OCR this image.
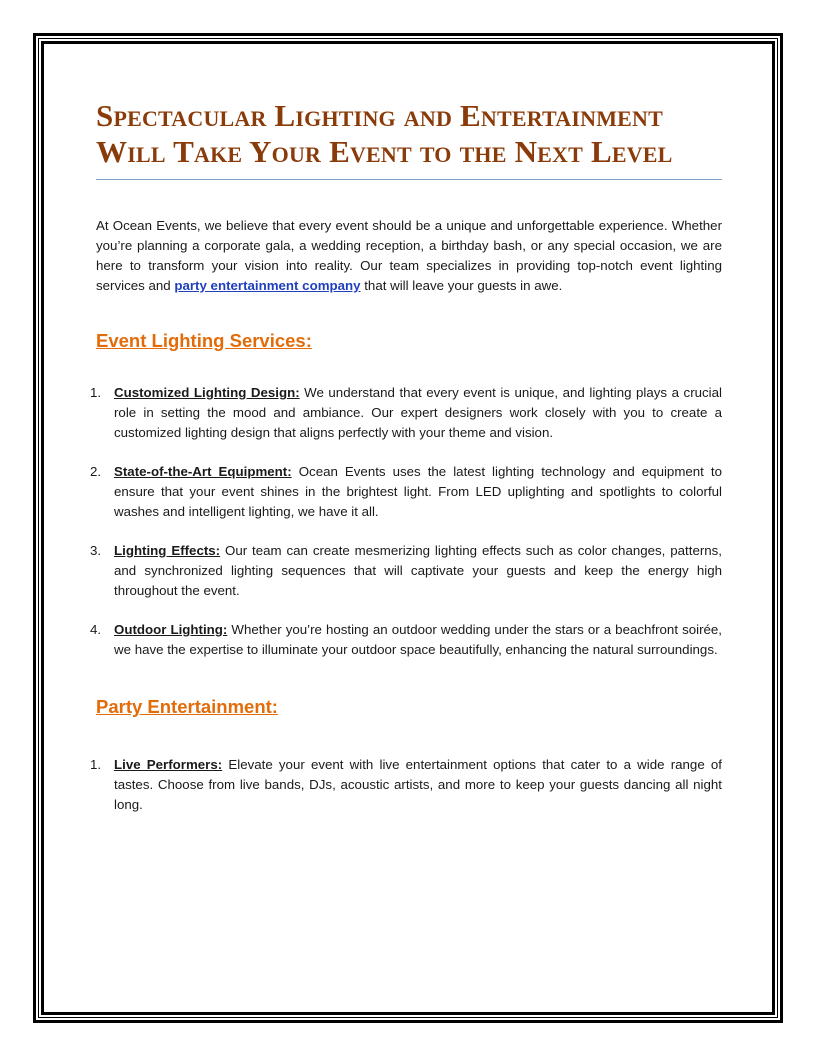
Spectacular Lighting and Entertainment Will Take Your Event to the Next Level

At Ocean Events, we believe that every event should be a unique and unforgettable experience. Whether you’re planning a corporate gala, a wedding reception, a birthday bash, or any special occasion, we are here to transform your vision into reality. Our team specializes in providing top-notch event lighting services and party entertainment company that will leave your guests in awe.

Event Lighting Services:
1. Customized Lighting Design: We understand that every event is unique, and lighting plays a crucial role in setting the mood and ambiance. Our expert designers work closely with you to create a customized lighting design that aligns perfectly with your theme and vision.
2. State-of-the-Art Equipment: Ocean Events uses the latest lighting technology and equipment to ensure that your event shines in the brightest light. From LED uplighting and spotlights to colorful washes and intelligent lighting, we have it all.
3. Lighting Effects: Our team can create mesmerizing lighting effects such as color changes, patterns, and synchronized lighting sequences that will captivate your guests and keep the energy high throughout the event.
4. Outdoor Lighting: Whether you’re hosting an outdoor wedding under the stars or a beachfront soirée, we have the expertise to illuminate your outdoor space beautifully, enhancing the natural surroundings.
Party Entertainment:
1. Live Performers: Elevate your event with live entertainment options that cater to a wide range of tastes. Choose from live bands, DJs, acoustic artists, and more to keep your guests dancing all night long.
